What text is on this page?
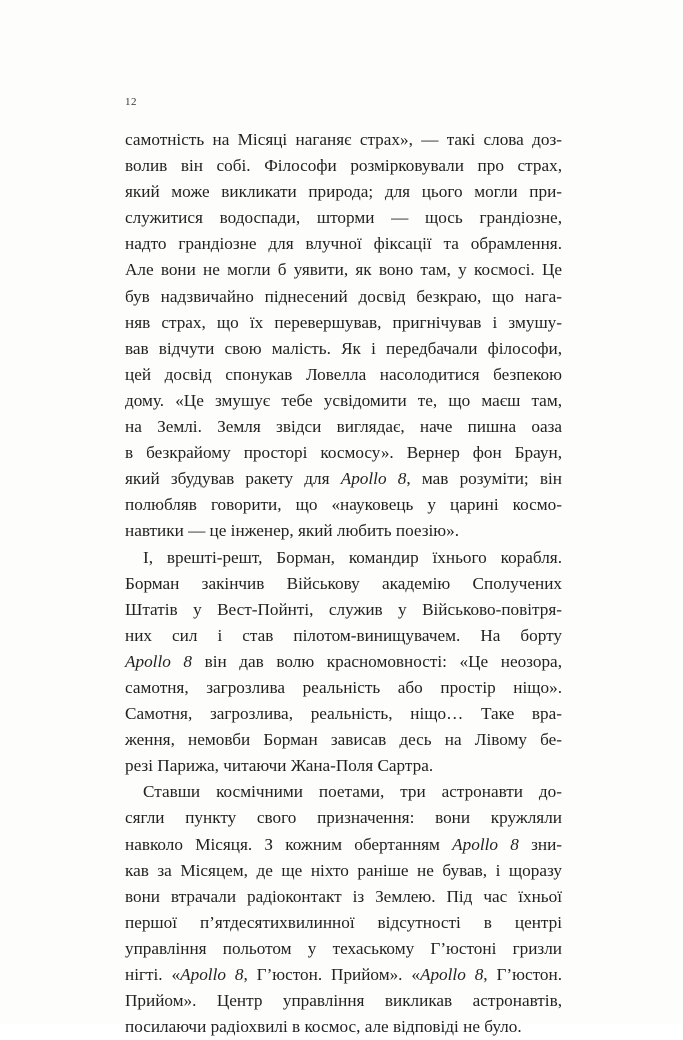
12
самотність на Місяці наганяє страх», — такі слова доз-
волив він собі. Філософи розмірковували про страх,
який може викликати природа; для цього могли при-
служитися водоспади, шторми — щось грандіозне,
надто грандіозне для влучної фіксації та обрамлення.
Але вони не могли б уявити, як воно там, у космосі. Це
був надзвичайно піднесений досвід безкраю, що нага-
няв страх, що їх перевершував, пригнічував і змушу-
вав відчути свою малість. Як і передбачали філософи,
цей досвід спонукав Ловелла насолодитися безпекою
дому. «Це змушує тебе усвідомити те, що маєш там,
на Землі. Земля звідси виглядає, наче пишна оаза
в безкрайому просторі космосу». Вернер фон Браун,
який збудував ракету для Apollo 8, мав розуміти; він
полюбляв говорити, що «науковець у царині космо-
навтики — це інженер, який любить поезію».
І, врешті-решт, Борман, командир їхнього корабля.
Борман закінчив Військову академію Сполучених
Штатів у Вест-Пойнті, служив у Військово-повітря-
них сил і став пілотом-винищувачем. На борту
Apollo 8 він дав волю красномовності: «Це неозора,
самотня, загрозлива реальність або простір ніщо».
Самотня, загрозлива, реальність, ніщо… Таке вра-
ження, немовби Борман зависав десь на Лівому бе-
резі Парижа, читаючи Жана-Поля Сартра.
Ставши космічними поетами, три астронавти до-
сягли пункту свого призначення: вони кружляли
навколо Місяця. З кожним обертанням Apollo 8 зни-
кав за Місяцем, де ще ніхто раніше не бував, і щоразу
вони втрачали радіоконтакт із Землею. Під час їхньої
першої п’ятдесятихвилинної відсутності в центрі
управління польотом у техаському Г’юстоні гризли
нігті. «Apollo 8, Г’юстон. Прийом». «Apollo 8, Г’юстон.
Прийом». Центр управління викликав астронавтів,
посилаючи радіохвилі в космос, але відповіді не було.
